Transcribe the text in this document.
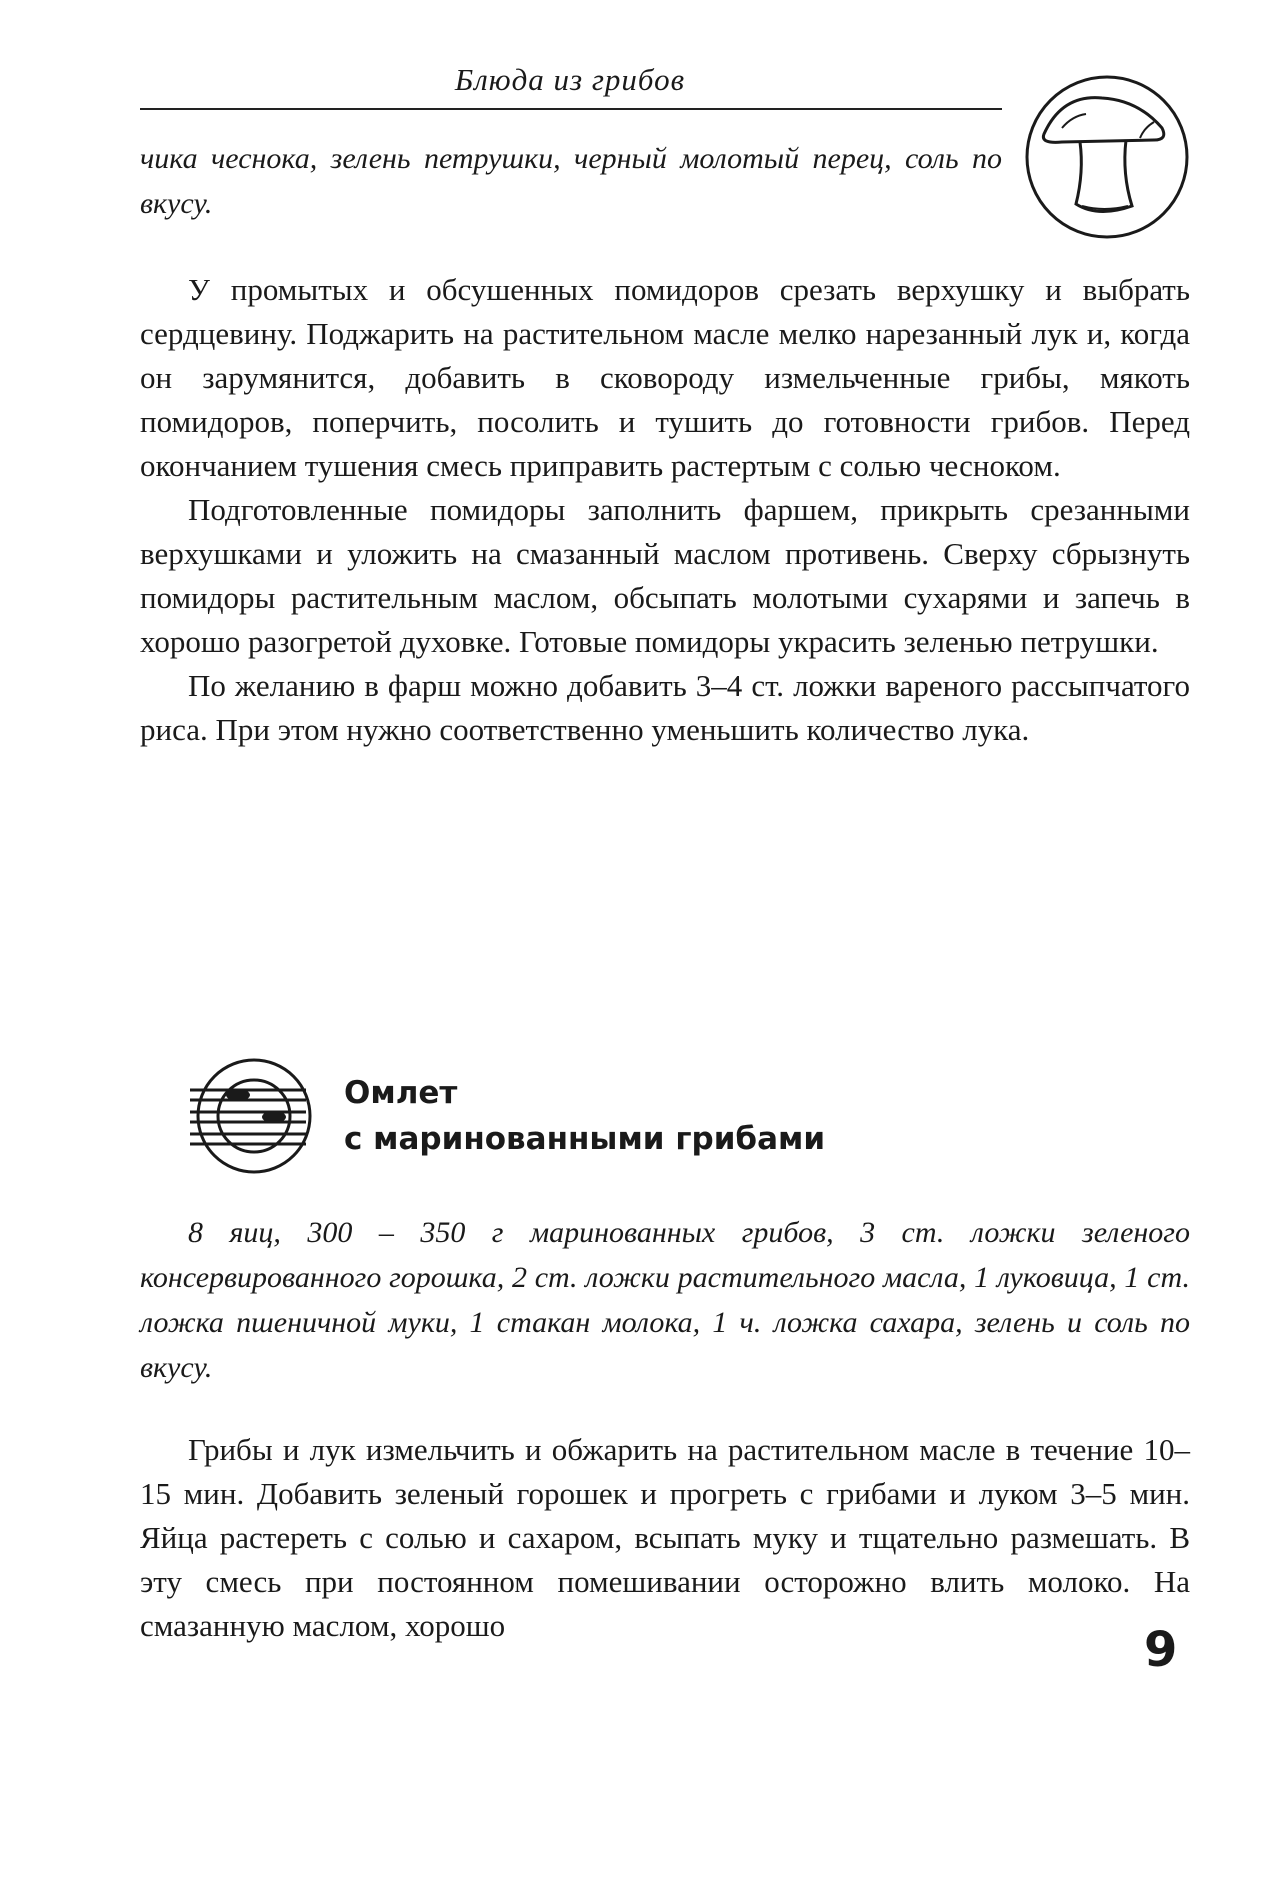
Блюда из грибов
чика чеснока, зелень петрушки, черный молотый перец, соль по вкусу.

У промытых и обсушенных помидоров срезать верхушку и выбрать сердцевину. Поджарить на растительном масле мелко нарезанный лук и, когда он зарумянится, добавить в сковороду измельченные грибы, мякоть помидоров, поперчить, посолить и тушить до готовности грибов. Перед окончанием тушения смесь приправить растертым с солью чесноком.

Подготовленные помидоры заполнить фаршем, прикрыть срезанными верхушками и уложить на смазанный маслом противень. Сверху сбрызнуть помидоры растительным маслом, обсыпать молотыми сухарями и запечь в хорошо разогретой духовке. Готовые помидоры украсить зеленью петрушки.

По желанию в фарш можно добавить 3–4 ст. ложки вареного рассыпчатого риса. При этом нужно соответственно уменьшить количество лука.

Омлет
с маринованными грибами

8 яиц, 300 – 350 г маринованных грибов, 3 ст. ложки зеленого консервированного горошка, 2 ст. ложки растительного масла, 1 луковица, 1 ст. ложка пшеничной муки, 1 стакан молока, 1 ч. ложка сахара, зелень и соль по вкусу.

Грибы и лук измельчить и обжарить на растительном масле в течение 10–15 мин. Добавить зеленый горошек и прогреть с грибами и луком 3–5 мин. Яйца растереть с солью и сахаром, всыпать муку и тщательно размешать. В эту смесь при постоянном помешивании осторожно влить молоко. На смазанную маслом, хорошо	9
